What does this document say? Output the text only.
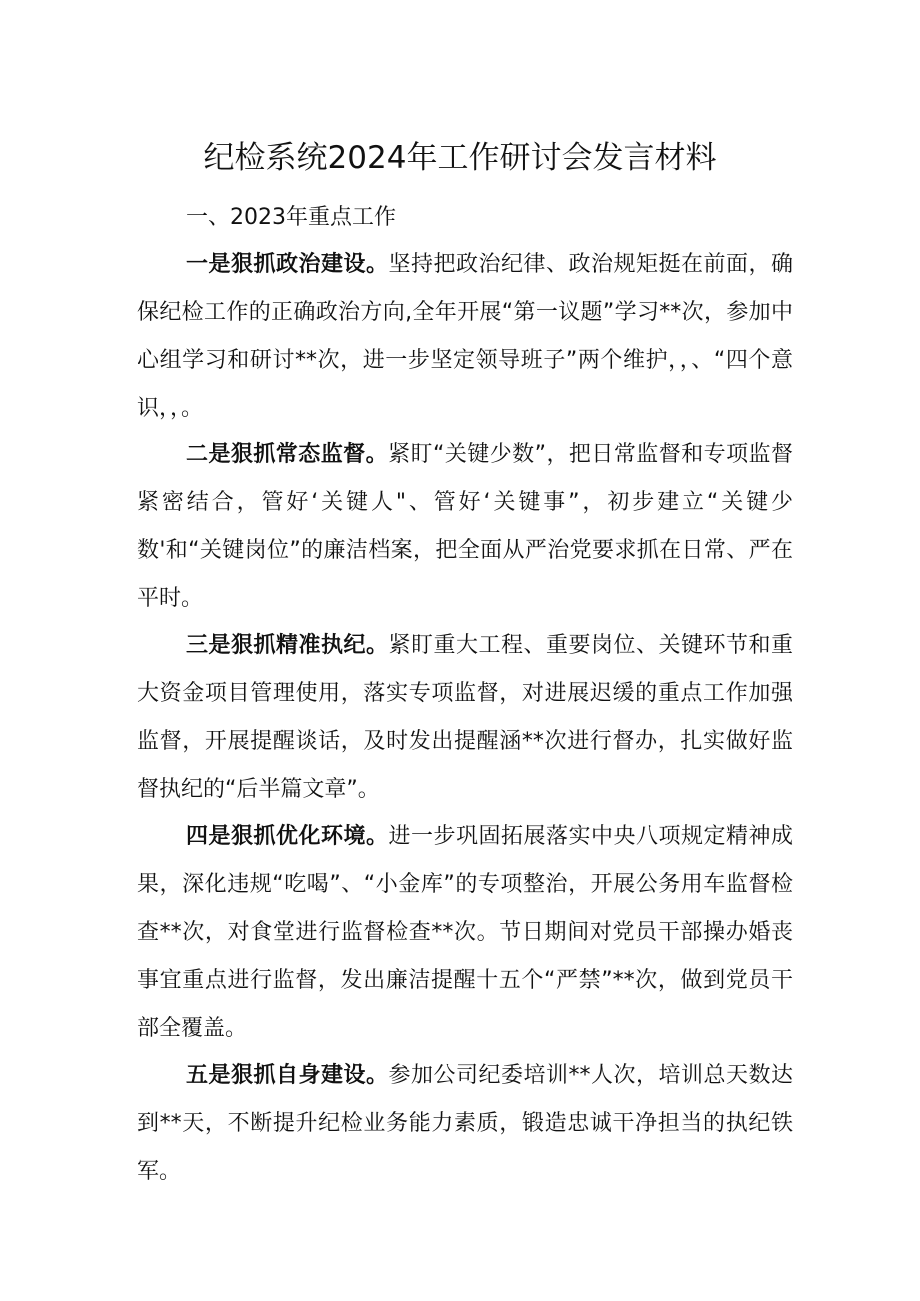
纪检系统2024年工作研讨会发言材料

一、2023年重点工作

一是狠抓政治建设。坚持把政治纪律、政治规矩挺在前面，确保纪检工作的正确政治方向,全年开展“第一议题”学习**次，参加中心组学习和研讨**次，进一步坚定领导班子”两个维护，，、“四个意识，，。

二是狠抓常态监督。紧盯“关键少数”，把日常监督和专项监督紧密结合，管好‘关键人"、管好‘关键事”，初步建立“关键少数'和“关键岗位”的廉洁档案，把全面从严治党要求抓在日常、严在平时。

三是狠抓精准执纪。紧盯重大工程、重要岗位、关键环节和重大资金项目管理使用，落实专项监督，对进展迟缓的重点工作加强监督，开展提醒谈话，及时发出提醒涵**次进行督办，扎实做好监督执纪的“后半篇文章”。

四是狠抓优化环境。进一步巩固拓展落实中央八项规定精神成果，深化违规“吃喝”、“小金库”的专项整治，开展公务用车监督检查**次，对食堂进行监督检查**次。节日期间对党员干部操办婚丧事宜重点进行监督，发出廉洁提醒十五个“严禁”**次，做到党员干部全覆盖。

五是狠抓自身建设。参加公司纪委培训**人次，培训总天数达到**天，不断提升纪检业务能力素质，锻造忠诚干净担当的执纪铁军。
